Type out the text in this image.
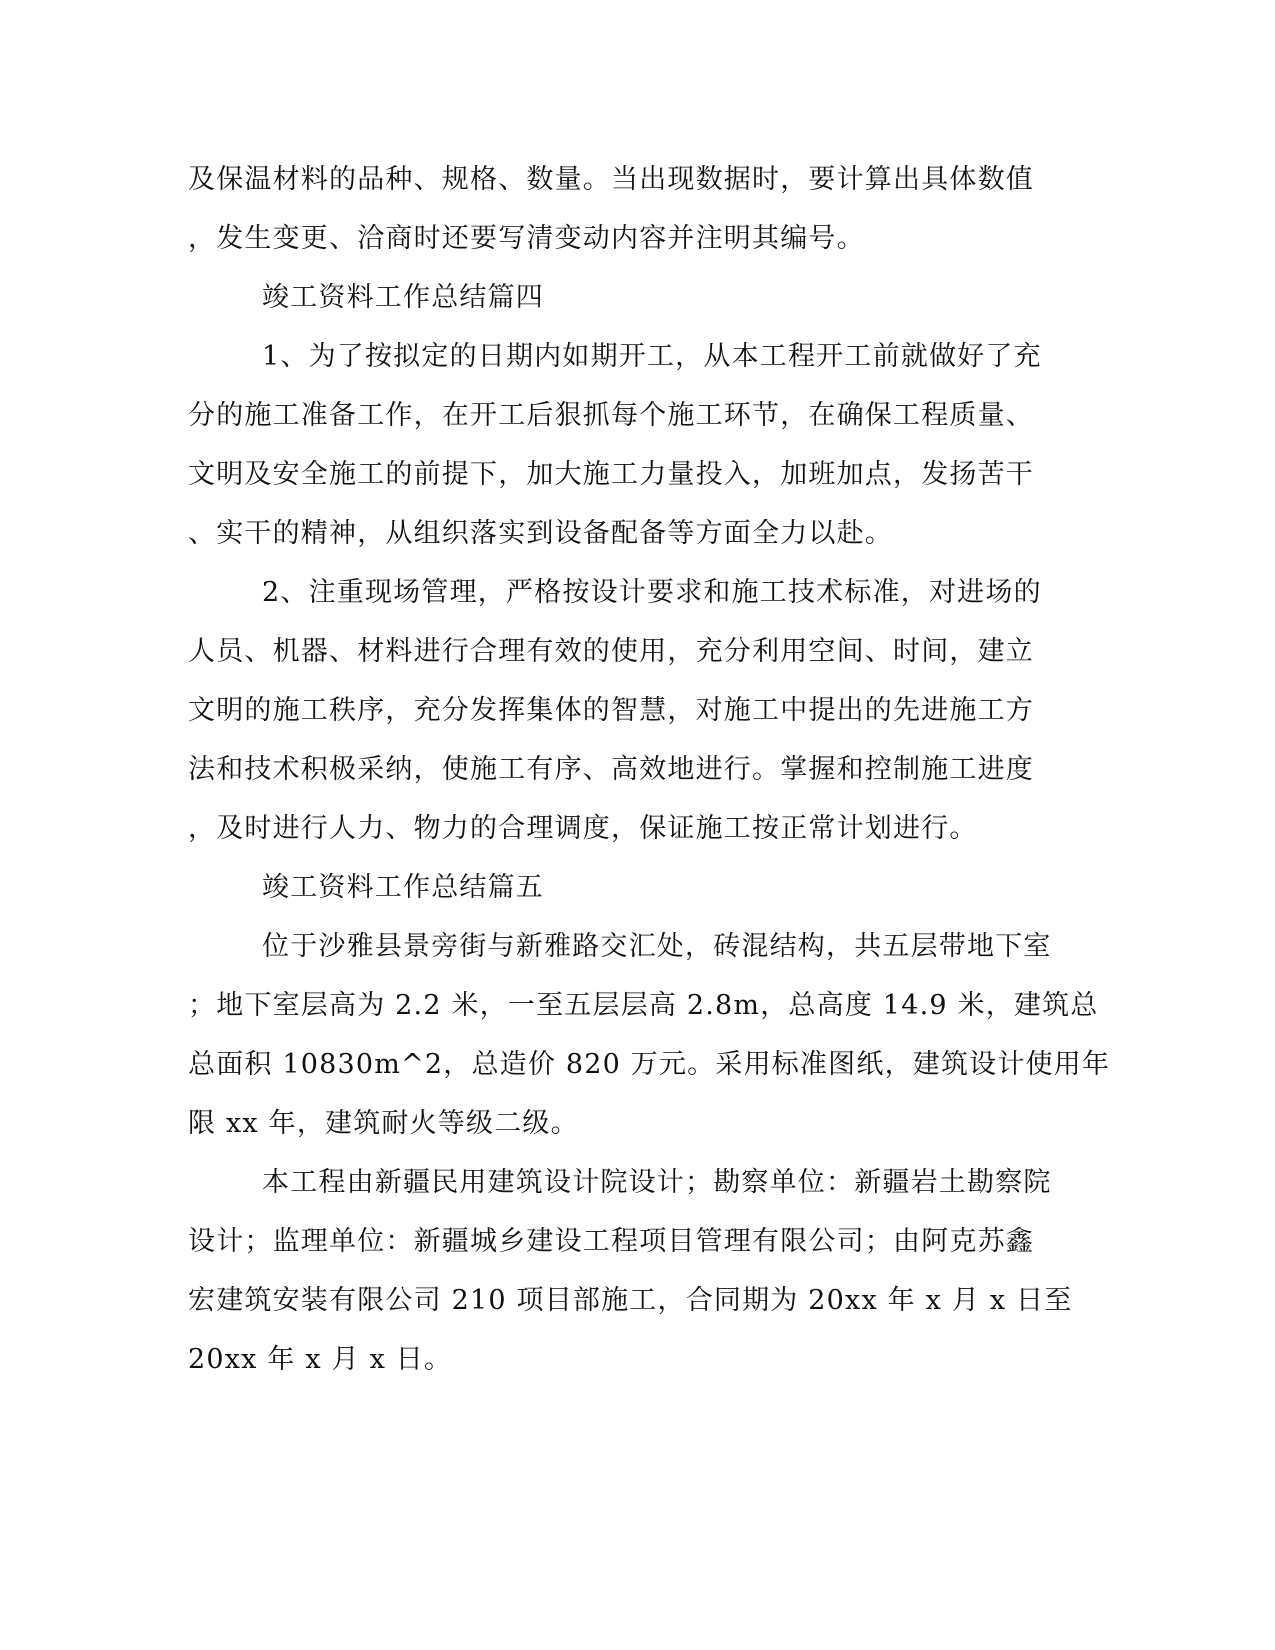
及保温材料的品种、规格、数量。当出现数据时，要计算出具体数值
，发生变更、洽商时还要写清变动内容并注明其编号。
竣工资料工作总结篇四
1、为了按拟定的日期内如期开工，从本工程开工前就做好了充
分的施工准备工作，在开工后狠抓每个施工环节，在确保工程质量、
文明及安全施工的前提下，加大施工力量投入，加班加点，发扬苦干
、实干的精神，从组织落实到设备配备等方面全力以赴。
2、注重现场管理，严格按设计要求和施工技术标准，对进场的
人员、机器、材料进行合理有效的使用，充分利用空间、时间，建立
文明的施工秩序，充分发挥集体的智慧，对施工中提出的先进施工方
法和技术积极采纳，使施工有序、高效地进行。掌握和控制施工进度
，及时进行人力、物力的合理调度，保证施工按正常计划进行。
竣工资料工作总结篇五
位于沙雅县景旁街与新雅路交汇处，砖混结构，共五层带地下室
；地下室层高为 2.2 米，一至五层层高 2.8m，总高度 14.9 米，建筑总
总面积 10830m^2，总造价 820 万元。采用标准图纸，建筑设计使用年
限 xx 年，建筑耐火等级二级。
本工程由新疆民用建筑设计院设计；勘察单位：新疆岩土勘察院
设计；监理单位：新疆城乡建设工程项目管理有限公司；由阿克苏鑫
宏建筑安装有限公司 210 项目部施工，合同期为 20xx 年 x 月 x 日至
20xx 年 x 月 x 日。
